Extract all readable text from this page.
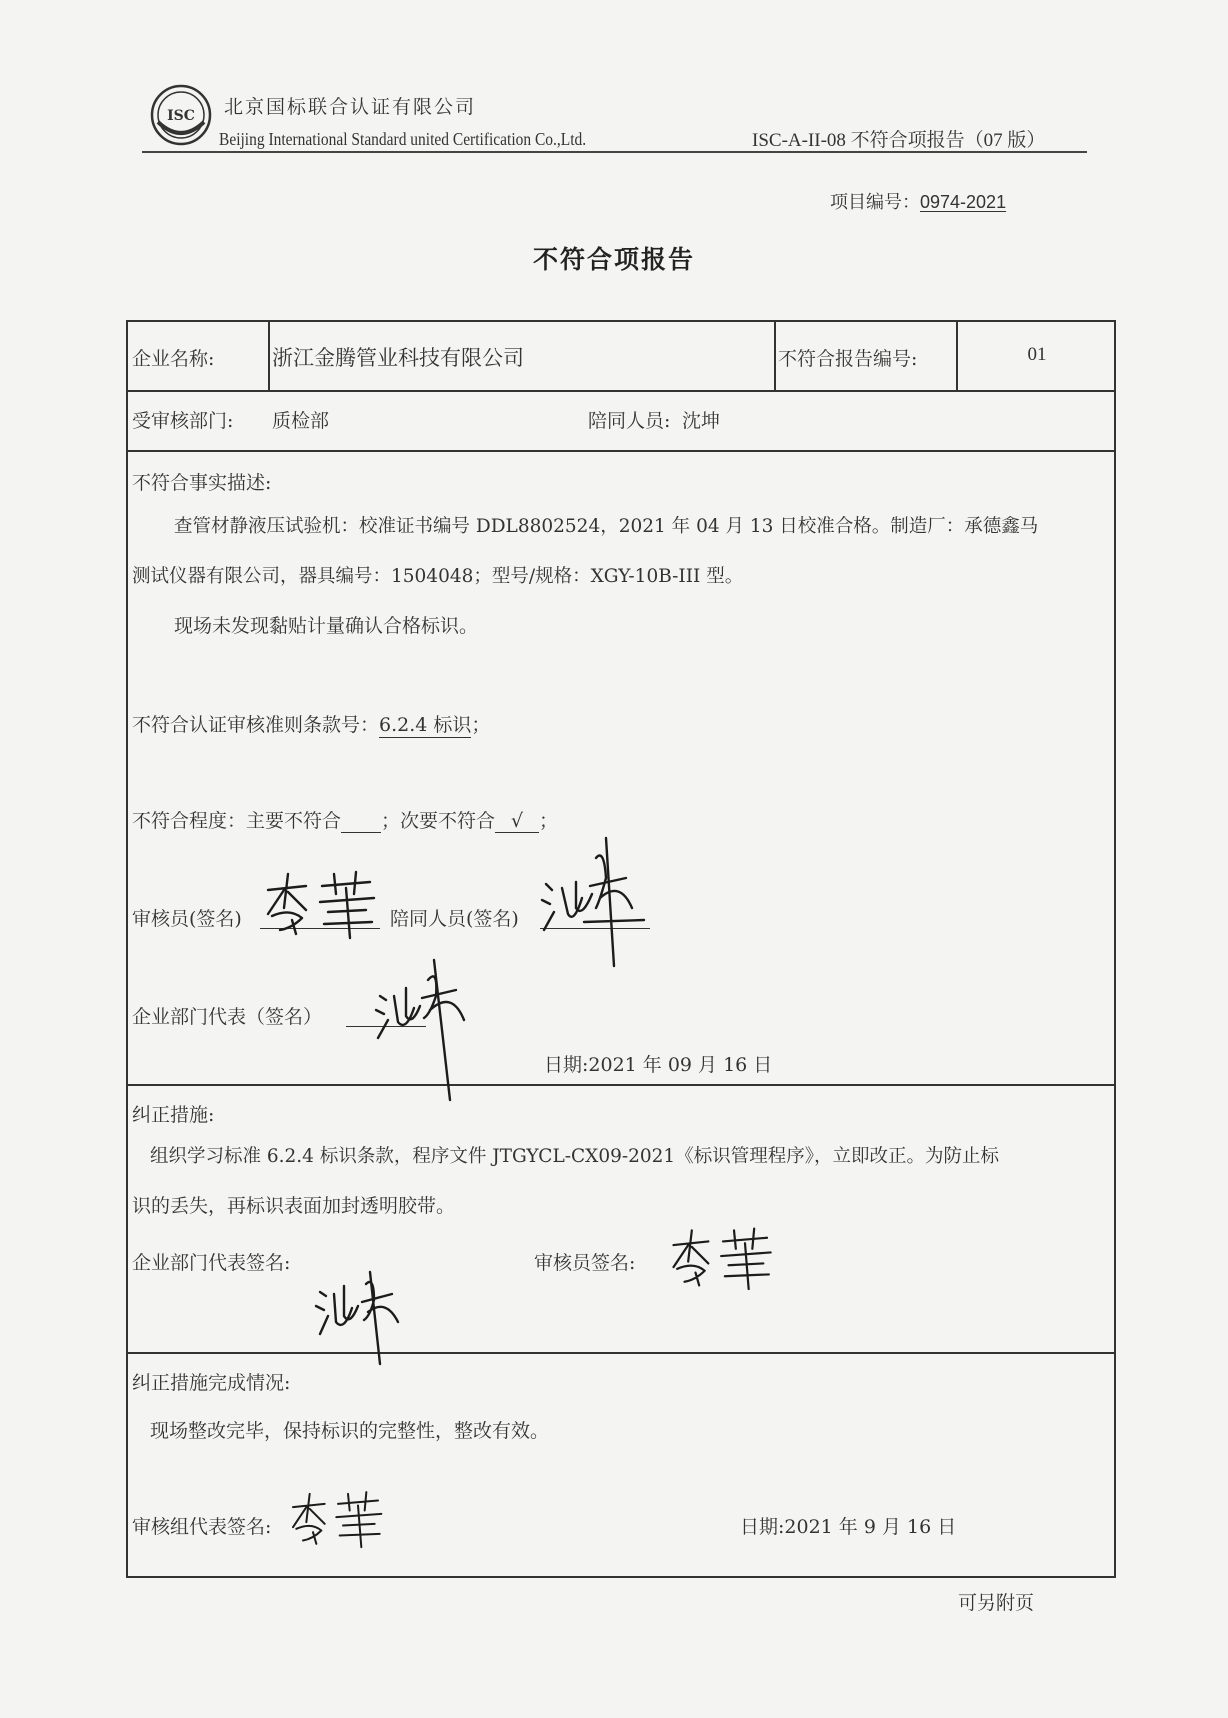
ISC 北京国标联合认证有限公司
Beijing International Standard united Certification Co.,Ltd.	ISC-A-II-08 不符合项报告（07 版）
项目编号：0974-2021
不符合项报告
企业名称:	浙江金腾管业科技有限公司	不符合报告编号:	01
受审核部门: 质检部	陪同人员: 沈坤
不符合事实描述:
查管材静液压试验机：校准证书编号 DDL8802524，2021 年 04 月 13 日校准合格。制造厂：承德鑫马
测试仪器有限公司，器具编号：1504048；型号/规格：XGY-10B-III 型。
现场未发现黏贴计量确认合格标识。
不符合认证审核准则条款号：6.2.4 标识；
不符合程度：主要不符合 ；次要不符合 √ ；
审核员(签名)	陪同人员(签名)
企业部门代表（签名）
日期:2021 年 09 月 16 日
纠正措施:
组织学习标准 6.2.4 标识条款，程序文件 JTGYCL-CX09-2021《标识管理程序》，立即改正。为防止标
识的丢失，再标识表面加封透明胶带。
企业部门代表签名:	审核员签名:
纠正措施完成情况:
现场整改完毕，保持标识的完整性，整改有效。
审核组代表签名:	日期:2021 年 9 月 16 日
可另附页
